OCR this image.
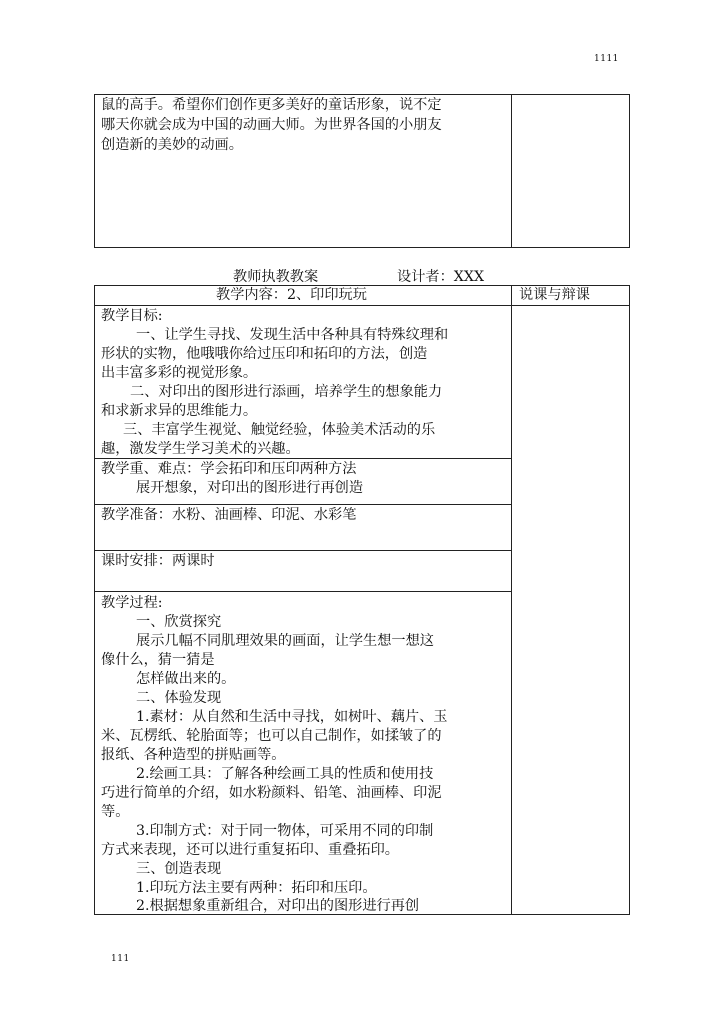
1111
鼠的高手。希望你们创作更多美好的童话形象，说不定
哪天你就会成为中国的动画大师。为世界各国的小朋友
创造新的美妙的动画。
教师执教教案	设计者：XXX
教学内容：2、印印玩玩	说课与辩课
教学目标:
一、让学生寻找、发现生活中各种具有特殊纹理和
形状的实物，他哦哦你给过压印和拓印的方法，创造
出丰富多彩的视觉形象。
二、对印出的图形进行添画，培养学生的想象能力
和求新求异的思维能力。
三、丰富学生视觉、触觉经验，体验美术活动的乐
趣，激发学生学习美术的兴趣。
教学重、难点：学会拓印和压印两种方法
展开想象，对印出的图形进行再创造
教学准备：水粉、油画棒、印泥、水彩笔
课时安排：两课时
教学过程:
一、欣赏探究
展示几幅不同肌理效果的画面，让学生想一想这
像什么，猜一猜是
怎样做出来的。
二、体验发现
1.素材：从自然和生活中寻找，如树叶、藕片、玉
米、瓦楞纸、轮胎面等；也可以自己制作，如揉皱了的
报纸、各种造型的拼贴画等。
2.绘画工具：了解各种绘画工具的性质和使用技
巧进行简单的介绍，如水粉颜料、铅笔、油画棒、印泥
等。
3.印制方式：对于同一物体，可采用不同的印制
方式来表现，还可以进行重复拓印、重叠拓印。
三、创造表现
1.印玩方法主要有两种：拓印和压印。
2.根据想象重新组合，对印出的图形进行再创
111
